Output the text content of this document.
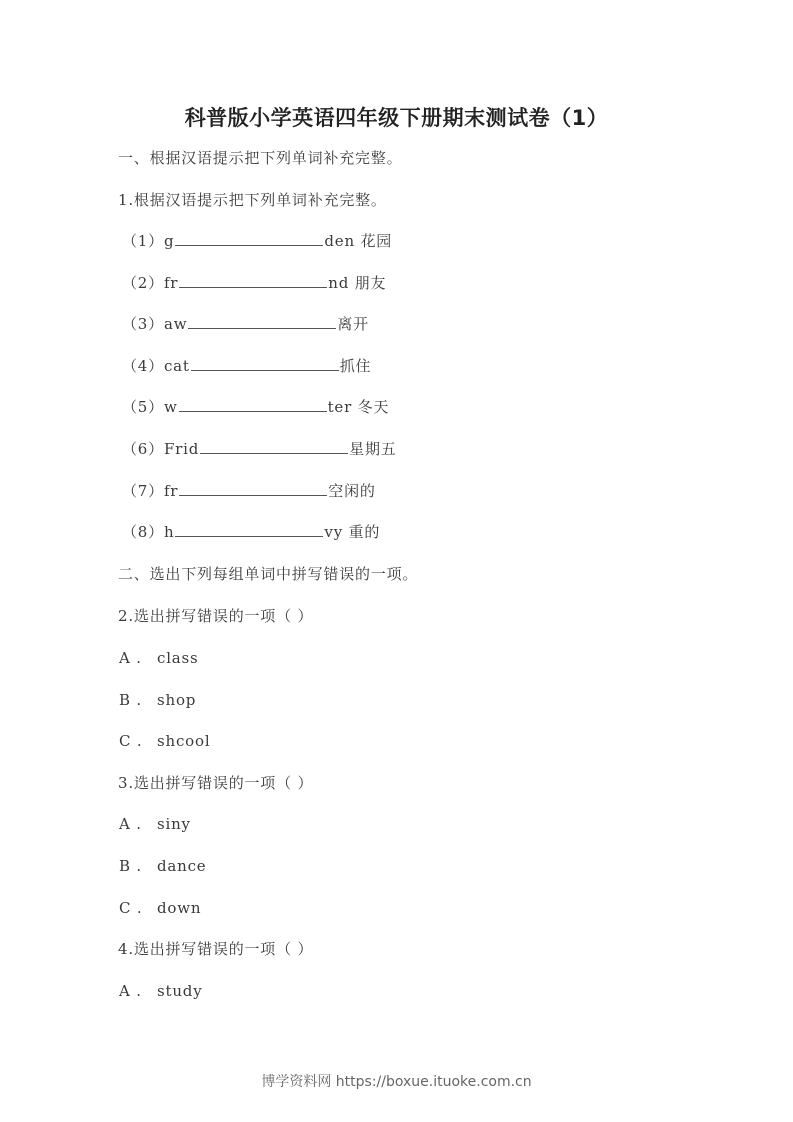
科普版小学英语四年级下册期末测试卷（1）
一、根据汉语提示把下列单词补充完整。
1.根据汉语提示把下列单词补充完整。
（1）g	den 花园
（2）fr	nd 朋友
（3）aw	离开
（4）cat	抓住
（5）w	ter 冬天
（6）Frid	星期五
（7）fr	空闲的
（8）h	vy 重的
二、选出下列每组单词中拼写错误的一项。
2.选出拼写错误的一项（ ）
A . class
B . shop
C . shcool
3.选出拼写错误的一项（ ）
A . siny
B . dance
C . down
4.选出拼写错误的一项（ ）
A . study
博学资料网 https://boxue.ituoke.com.cn
